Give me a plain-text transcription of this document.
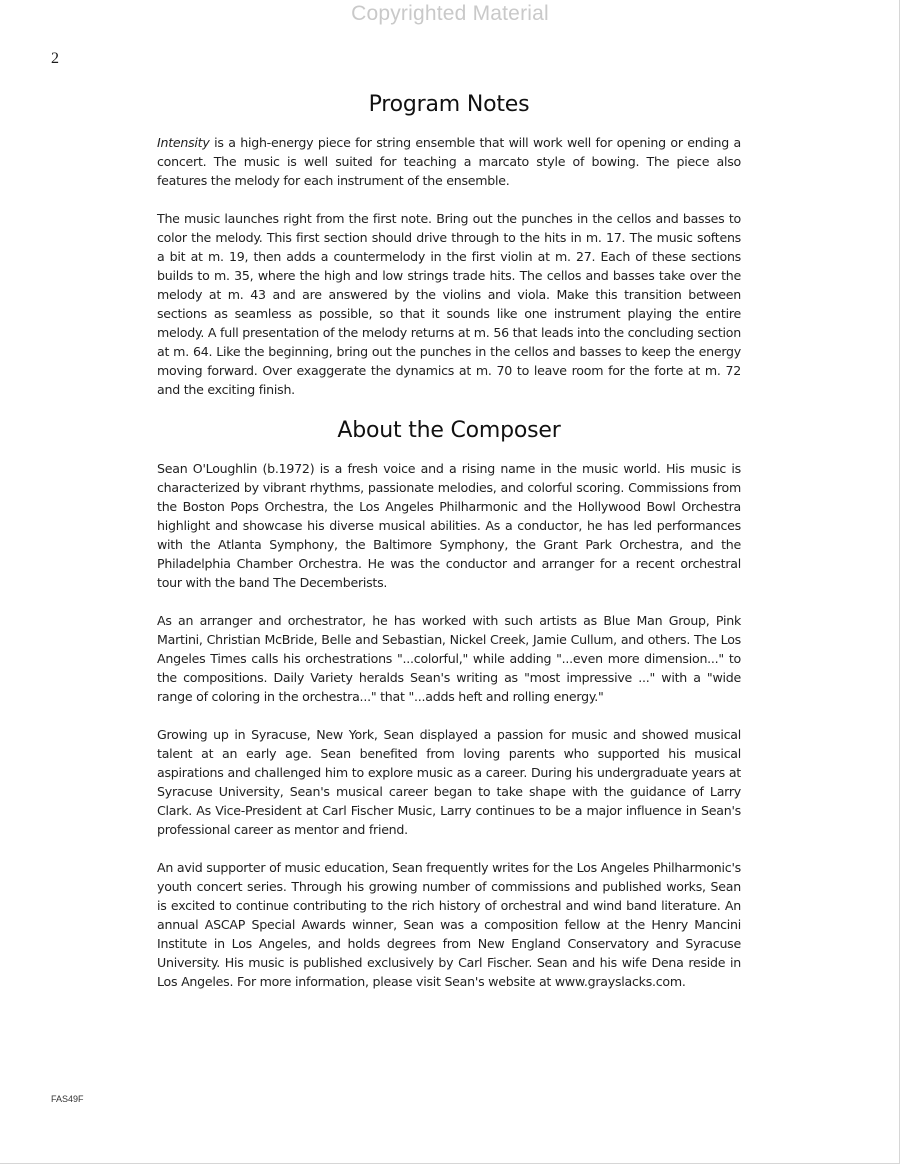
Copyrighted Material
2
Program Notes

Intensity is a high-energy piece for string ensemble that will work well for opening or ending a concert. The music is well suited for teaching a marcato style of bowing. The piece also features the melody for each instrument of the ensemble.

The music launches right from the first note. Bring out the punches in the cellos and basses to color the melody. This first section should drive through to the hits in m. 17. The music softens a bit at m. 19, then adds a countermelody in the first violin at m. 27. Each of these sections builds to m. 35, where the high and low strings trade hits. The cellos and basses take over the melody at m. 43 and are answered by the violins and viola. Make this transition between sections as seamless as possible, so that it sounds like one instrument playing the entire melody. A full presentation of the melody returns at m. 56 that leads into the concluding section at m. 64. Like the beginning, bring out the punches in the cellos and basses to keep the energy moving forward. Over exaggerate the dynamics at m. 70 to leave room for the forte at m. 72 and the exciting finish.

About the Composer

Sean O'Loughlin (b.1972) is a fresh voice and a rising name in the music world. His music is characterized by vibrant rhythms, passionate melodies, and colorful scoring. Commissions from the Boston Pops Orchestra, the Los Angeles Philharmonic and the Hollywood Bowl Orchestra highlight and showcase his diverse musical abilities. As a conductor, he has led performances with the Atlanta Symphony, the Baltimore Symphony, the Grant Park Orchestra, and the Philadelphia Chamber Orchestra. He was the conductor and arranger for a recent orchestral tour with the band The Decemberists.

As an arranger and orchestrator, he has worked with such artists as Blue Man Group, Pink Martini, Christian McBride, Belle and Sebastian, Nickel Creek, Jamie Cullum, and others. The Los Angeles Times calls his orchestrations "...colorful," while adding "...even more dimension..." to the compositions. Daily Variety heralds Sean's writing as "most impressive ..." with a "wide range of coloring in the orchestra..." that "...adds heft and rolling energy."

Growing up in Syracuse, New York, Sean displayed a passion for music and showed musical talent at an early age. Sean benefited from loving parents who supported his musical aspirations and challenged him to explore music as a career. During his undergraduate years at Syracuse University, Sean's musical career began to take shape with the guidance of Larry Clark. As Vice-President at Carl Fischer Music, Larry continues to be a major influence in Sean's professional career as mentor and friend.

An avid supporter of music education, Sean frequently writes for the Los Angeles Philharmonic's youth concert series. Through his growing number of commissions and published works, Sean is excited to continue contributing to the rich history of orchestral and wind band literature. An annual ASCAP Special Awards winner, Sean was a composition fellow at the Henry Mancini Institute in Los Angeles, and holds degrees from New England Conservatory and Syracuse University. His music is published exclusively by Carl Fischer. Sean and his wife Dena reside in Los Angeles. For more information, please visit Sean's website at www.grayslacks.com.

FAS49F
